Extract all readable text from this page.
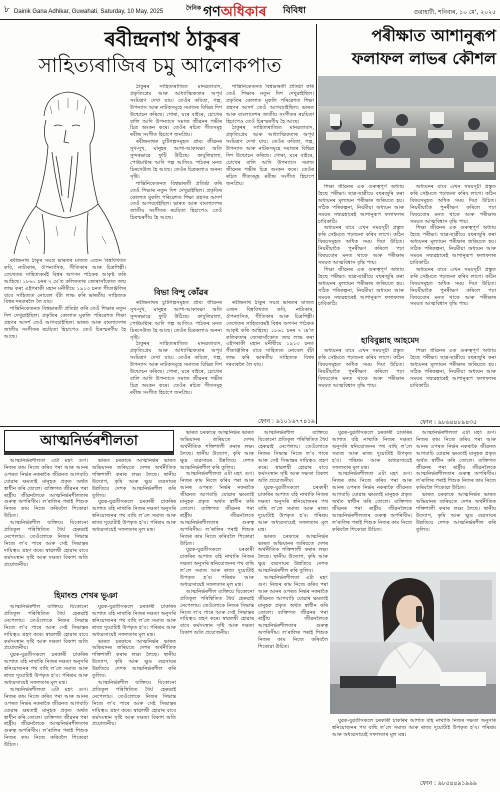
৮ Dainik Gana Adhikar, Guwahati, Saturday, 10 May, 2025	$^{দৈনিক}$ গণঅধিকাৰ বিবিধা	গুৱাহাটী, শনিবাৰ, ১০ মে’, ২০২৫
ৰবীন্দ্ৰনাথ ঠাকুৰৰ
সাহিত্যৰাজিৰ চমু আলোকপাত

ৰবীন্দ্ৰনাথ ঠাকুৰ সমগ্ৰ ভাৰতৰ মাজত এজন বিশ্ববিখ্যাত কবি, নাট্যকাৰ, ঔপন্যাসিক, গীতিকাৰ আৰু চিত্ৰশিল্পী। তেখেতৰ সাহিত্যকৰ্মই বিশ্বৰ অগণন পাঠকক আকৃষ্ট কৰি আহিছে। ১৮৬১ চনৰ ৭ মে’ত কলিকতাৰ জোৰাসাঁকোত জন্ম লাভ কৰা এইগৰাকী মহান মনীষীয়ে ১৯১৩ চনত গীতাঞ্জলিৰ বাবে সাহিত্যত নোবেল বঁটা লাভ কৰি ভাৰতীয় সাহিত্যক বিশ্বৰ দৰবাৰলৈ লৈ যায়।

শান্তিনিকেতনত বিশ্বভাৰতী প্ৰতিষ্ঠা কৰি তেওঁ শিক্ষাৰ নতুন দিশ দেখুৱাইছিল। প্ৰকৃতিৰ কোলাত মুকলি পৰিৱেশত শিক্ষা গ্ৰহণৰ আদৰ্শ তেওঁ আগবঢ়াইছিল। ভাৰত আৰু বাংলাদেশৰ জাতীয় সংগীতৰ ৰচয়িতা হিচাপেও তেওঁ চিৰস্মৰণীয় হৈ আছে।

ঠাকুৰৰ সাহিত্যৰাজিত মানৱতাবাদ, প্ৰকৃতিপ্ৰেম আৰু আধ্যাত্মিকতাৰ অপূৰ্ব সংমিশ্ৰণ দেখা যায়। তেওঁৰ কবিতা, গল্প, উপন্যাস আৰু নাটকসমূহে সমাজৰ বিভিন্ন দিশ উন্মোচন কৰিছে। গোৰা, ঘৰে বাইৰে, চোখেৰ বালি আদি উপন্যাসে সমাজ জীৱনৰ গভীৰ চিত্ৰ অংকন কৰে। তেওঁৰ ৰচিত গীতসমূহ ৰবীন্দ্ৰ সংগীত হিচাপে জনপ্ৰিয়।

ৰবীন্দ্ৰনাথৰ চুটিগল্পসমূহত গ্ৰাম্য জীৱনৰ সুখ-দুখ, মানুহৰ আশা-আকাংক্ষা অতি সুন্দৰভাৱে ফুটি উঠিছে। কাবুলিৱালা, পোষ্টমাষ্টাৰ আদি গল্প আজিও পাঠকৰ মনত চিৰসেউজ হৈ আছে। তেওঁৰ চিত্ৰকলাও অনন্য সৃষ্টি।

শান্তিনিকেতনত বিশ্বভাৰতী প্ৰতিষ্ঠা কৰি তেওঁ শিক্ষাৰ নতুন দিশ দেখুৱাইছিল। প্ৰকৃতিৰ কোলাত মুকলি পৰিৱেশত শিক্ষা গ্ৰহণৰ আদৰ্শ তেওঁ আগবঢ়াইছিল। ভাৰত আৰু বাংলাদেশৰ জাতীয় সংগীতৰ ৰচয়িতা হিচাপেও তেওঁ চিৰস্মৰণীয় হৈ আছে।

শান্তিনিকেতনত বিশ্বভাৰতী প্ৰতিষ্ঠা কৰি তেওঁ শিক্ষাৰ নতুন দিশ দেখুৱাইছিল। প্ৰকৃতিৰ কোলাত মুকলি পৰিৱেশত শিক্ষা গ্ৰহণৰ আদৰ্শ তেওঁ আগবঢ়াইছিল। ভাৰত আৰু বাংলাদেশৰ জাতীয় সংগীতৰ ৰচয়িতা হিচাপেও তেওঁ চিৰস্মৰণীয় হৈ আছে।

ঠাকুৰৰ সাহিত্যৰাজিত মানৱতাবাদ, প্ৰকৃতিপ্ৰেম আৰু আধ্যাত্মিকতাৰ অপূৰ্ব সংমিশ্ৰণ দেখা যায়। তেওঁৰ কবিতা, গল্প, উপন্যাস আৰু নাটকসমূহে সমাজৰ বিভিন্ন দিশ উন্মোচন কৰিছে। গোৰা, ঘৰে বাইৰে, চোখেৰ বালি আদি উপন্যাসে সমাজ জীৱনৰ গভীৰ চিত্ৰ অংকন কৰে। তেওঁৰ ৰচিত গীতসমূহ ৰবীন্দ্ৰ সংগীত হিচাপে জনপ্ৰিয়।

বিভা বিন্দু কোঁৱৰ

ৰবীন্দ্ৰনাথৰ চুটিগল্পসমূহত গ্ৰাম্য জীৱনৰ সুখ-দুখ, মানুহৰ আশা-আকাংক্ষা অতি সুন্দৰভাৱে ফুটি উঠিছে। কাবুলিৱালা, পোষ্টমাষ্টাৰ আদি গল্প আজিও পাঠকৰ মনত চিৰসেউজ হৈ আছে। তেওঁৰ চিত্ৰকলাও অনন্য সৃষ্টি।

ঠাকুৰৰ সাহিত্যৰাজিত মানৱতাবাদ, প্ৰকৃতিপ্ৰেম আৰু আধ্যাত্মিকতাৰ অপূৰ্ব সংমিশ্ৰণ দেখা যায়। তেওঁৰ কবিতা, গল্প, উপন্যাস আৰু নাটকসমূহে সমাজৰ বিভিন্ন দিশ উন্মোচন কৰিছে। গোৰা, ঘৰে বাইৰে, চোখেৰ বালি আদি উপন্যাসে সমাজ জীৱনৰ গভীৰ চিত্ৰ অংকন কৰে। তেওঁৰ ৰচিত গীতসমূহ ৰবীন্দ্ৰ সংগীত হিচাপে জনপ্ৰিয়।

ৰবীন্দ্ৰনাথ ঠাকুৰ সমগ্ৰ ভাৰতৰ মাজত এজন বিশ্ববিখ্যাত কবি, নাট্যকাৰ, ঔপন্যাসিক, গীতিকাৰ আৰু চিত্ৰশিল্পী। তেখেতৰ সাহিত্যকৰ্মই বিশ্বৰ অগণন পাঠকক আকৃষ্ট কৰি আহিছে। ১৮৬১ চনৰ ৭ মে’ত কলিকতাৰ জোৰাসাঁকোত জন্ম লাভ কৰা এইগৰাকী মহান মনীষীয়ে ১৯১৩ চনত গীতাঞ্জলিৰ বাবে সাহিত্যত নোবেল বঁটা লাভ কৰি ভাৰতীয় সাহিত্যক বিশ্বৰ দৰবাৰলৈ লৈ যায়।

ফোন : ৯১০১৬৭৭৪১৯
পৰীক্ষাত আশানুৰূপ
ফলাফল লাভৰ কৌশল

শিক্ষা জীৱনৰ এক গুৰুত্বপূৰ্ণ অধ্যায় হৈছে পৰীক্ষা। ছাত্ৰ-ছাত্ৰীয়ে বছৰজুৰি কৰা অধ্যয়নৰ মূল্যায়ন পৰীক্ষাৰ জৰিয়তে হয়। সঠিক পৰিকল্পনা, নিয়মীয়া অধ্যয়ন আৰু সময়ৰ সদ্ব্যৱহাৰেই আশানুৰূপ ফলাফলৰ চাবিকাঠি।

অধ্যয়নৰ বাবে এখন সময়সূচী প্ৰস্তুত কৰি সেইমতে পঢ়াশুনা কৰিব লাগে। কঠিন বিষয়সমূহত অধিক সময় দিয়া উচিত। নিয়মীয়াকৈ পুনৰীক্ষণ কৰিলে পঢ়া বিষয়বোৰ মনত থাকে আৰু পৰীক্ষাৰ সময়ত আত্মবিশ্বাস বৃদ্ধি পায়।

শিক্ষা জীৱনৰ এক গুৰুত্বপূৰ্ণ অধ্যায় হৈছে পৰীক্ষা। ছাত্ৰ-ছাত্ৰীয়ে বছৰজুৰি কৰা অধ্যয়নৰ মূল্যায়ন পৰীক্ষাৰ জৰিয়তে হয়। সঠিক পৰিকল্পনা, নিয়মীয়া অধ্যয়ন আৰু সময়ৰ সদ্ব্যৱহাৰেই আশানুৰূপ ফলাফলৰ চাবিকাঠি।

অধ্যয়নৰ বাবে এখন সময়সূচী প্ৰস্তুত কৰি সেইমতে পঢ়াশুনা কৰিব লাগে। কঠিন বিষয়সমূহত অধিক সময় দিয়া উচিত। নিয়মীয়াকৈ পুনৰীক্ষণ কৰিলে পঢ়া বিষয়বোৰ মনত থাকে আৰু পৰীক্ষাৰ সময়ত আত্মবিশ্বাস বৃদ্ধি পায়।

শিক্ষা জীৱনৰ এক গুৰুত্বপূৰ্ণ অধ্যায় হৈছে পৰীক্ষা। ছাত্ৰ-ছাত্ৰীয়ে বছৰজুৰি কৰা অধ্যয়নৰ মূল্যায়ন পৰীক্ষাৰ জৰিয়তে হয়। সঠিক পৰিকল্পনা, নিয়মীয়া অধ্যয়ন আৰু সময়ৰ সদ্ব্যৱহাৰেই আশানুৰূপ ফলাফলৰ চাবিকাঠি।

অধ্যয়নৰ বাবে এখন সময়সূচী প্ৰস্তুত কৰি সেইমতে পঢ়াশুনা কৰিব লাগে। কঠিন বিষয়সমূহত অধিক সময় দিয়া উচিত। নিয়মীয়াকৈ পুনৰীক্ষণ কৰিলে পঢ়া বিষয়বোৰ মনত থাকে আৰু পৰীক্ষাৰ সময়ত আত্মবিশ্বাস বৃদ্ধি পায়।

হাবিবুল্লাহ আহমেদ

অধ্যয়নৰ বাবে এখন সময়সূচী প্ৰস্তুত কৰি সেইমতে পঢ়াশুনা কৰিব লাগে। কঠিন বিষয়সমূহত অধিক সময় দিয়া উচিত। নিয়মীয়াকৈ পুনৰীক্ষণ কৰিলে পঢ়া বিষয়বোৰ মনত থাকে আৰু পৰীক্ষাৰ সময়ত আত্মবিশ্বাস বৃদ্ধি পায়।

শিক্ষা জীৱনৰ এক গুৰুত্বপূৰ্ণ অধ্যায় হৈছে পৰীক্ষা। ছাত্ৰ-ছাত্ৰীয়ে বছৰজুৰি কৰা অধ্যয়নৰ মূল্যায়ন পৰীক্ষাৰ জৰিয়তে হয়। সঠিক পৰিকল্পনা, নিয়মীয়া অধ্যয়ন আৰু সময়ৰ সদ্ব্যৱহাৰেই আশানুৰূপ ফলাফলৰ চাবিকাঠি।

ফোন : ৯৮৬৪৪৮৯৪৩৫
আত্মনিৰ্ভৰশীলতা

আত্মনিৰ্ভৰশীলতা এটা মহৎ গুণ। নিজৰ কাম নিজে কৰিব পৰা আৰু আনৰ ওপৰত নিৰ্ভৰ নকৰাকৈ জীৱনত আগবাঢ়ি যোৱাৰ ক্ষমতাই মানুহক প্ৰকৃত অৰ্থত স্বাধীন কৰি তোলে। ব্যক্তিগত জীৱনৰ পৰা ৰাষ্ট্ৰীয় জীৱনলৈকে আত্মনিৰ্ভৰশীলতাৰ গুৰুত্ব অপৰিসীম। ল’ৰালিৰ পৰাই শিশুক নিজৰ কাম নিজে কৰিবলৈ শিকোৱা উচিত।

আত্মনিৰ্ভৰশীল ব্যক্তিয়ে যিকোনো প্ৰতিকূল পৰিস্থিতিত ধৈৰ্য হেৰুৱাই নেপেলায়। তেওঁলোকে নিজৰ সিদ্ধান্ত নিজে ল’ব পাৰে আৰু সেই সিদ্ধান্তৰ দায়িত্বও গ্ৰহণ কৰে। স্বাৱলম্বী হোৱাৰ বাবে কৰ্মসংস্থান সৃষ্টি আৰু দক্ষতা বিকাশ অতি প্ৰয়োজনীয়।

ভাৰত চৰকাৰে আত্মনিৰ্ভৰ ভাৰত অভিযানৰ জৰিয়তে দেশৰ অৰ্থনীতিক শক্তিশালী কৰাৰ লক্ষ্য লৈছে। স্থানীয় উদ্যোগ, কৃষি আৰু ক্ষুদ্ৰ ব্যৱসায়ৰ উন্নতিয়ে দেশক আত্মনিৰ্ভৰশীল কৰি তুলিব।

যুৱক-যুৱতীসকলে চৰকাৰী চাকৰিৰ আশাত বহি নাথাকি নিজৰ দক্ষতা অনুসৰি স্বনিয়োজনৰ পথ বাছি ল’লে সমাজ আৰু ৰাজ্য দুয়োটাই উপকৃত হ’ব। পৰিশ্ৰম আৰু অধ্যৱসায়েই সফলতাৰ মূল মন্ত্ৰ।

হিমাংশু শেখৰ ভূঞা

আত্মনিৰ্ভৰশীল ব্যক্তিয়ে যিকোনো প্ৰতিকূল পৰিস্থিতিত ধৈৰ্য হেৰুৱাই নেপেলায়। তেওঁলোকে নিজৰ সিদ্ধান্ত নিজে ল’ব পাৰে আৰু সেই সিদ্ধান্তৰ দায়িত্বও গ্ৰহণ কৰে। স্বাৱলম্বী হোৱাৰ বাবে কৰ্মসংস্থান সৃষ্টি আৰু দক্ষতা বিকাশ অতি প্ৰয়োজনীয়।

যুৱক-যুৱতীসকলে চৰকাৰী চাকৰিৰ আশাত বহি নাথাকি নিজৰ দক্ষতা অনুসৰি স্বনিয়োজনৰ পথ বাছি ল’লে সমাজ আৰু ৰাজ্য দুয়োটাই উপকৃত হ’ব। পৰিশ্ৰম আৰু অধ্যৱসায়েই সফলতাৰ মূল মন্ত্ৰ।

আত্মনিৰ্ভৰশীলতা এটা মহৎ গুণ। নিজৰ কাম নিজে কৰিব পৰা আৰু আনৰ ওপৰত নিৰ্ভৰ নকৰাকৈ জীৱনত আগবাঢ়ি যোৱাৰ ক্ষমতাই মানুহক প্ৰকৃত অৰ্থত স্বাধীন কৰি তোলে। ব্যক্তিগত জীৱনৰ পৰা ৰাষ্ট্ৰীয় জীৱনলৈকে আত্মনিৰ্ভৰশীলতাৰ গুৰুত্ব অপৰিসীম। ল’ৰালিৰ পৰাই শিশুক নিজৰ কাম নিজে কৰিবলৈ শিকোৱা উচিত।

যুৱক-যুৱতীসকলে চৰকাৰী চাকৰিৰ আশাত বহি নাথাকি নিজৰ দক্ষতা অনুসৰি স্বনিয়োজনৰ পথ বাছি ল’লে সমাজ আৰু ৰাজ্য দুয়োটাই উপকৃত হ’ব। পৰিশ্ৰম আৰু অধ্যৱসায়েই সফলতাৰ মূল মন্ত্ৰ।

ভাৰত চৰকাৰে আত্মনিৰ্ভৰ ভাৰত অভিযানৰ জৰিয়তে দেশৰ অৰ্থনীতিক শক্তিশালী কৰাৰ লক্ষ্য লৈছে। স্থানীয় উদ্যোগ, কৃষি আৰু ক্ষুদ্ৰ ব্যৱসায়ৰ উন্নতিয়ে দেশক আত্মনিৰ্ভৰশীল কৰি তুলিব।

আত্মনিৰ্ভৰশীল ব্যক্তিয়ে যিকোনো প্ৰতিকূল পৰিস্থিতিত ধৈৰ্য হেৰুৱাই নেপেলায়। তেওঁলোকে নিজৰ সিদ্ধান্ত নিজে ল’ব পাৰে আৰু সেই সিদ্ধান্তৰ দায়িত্বও গ্ৰহণ কৰে। স্বাৱলম্বী হোৱাৰ বাবে কৰ্মসংস্থান সৃষ্টি আৰু দক্ষতা বিকাশ অতি প্ৰয়োজনীয়।

ভাৰত চৰকাৰে আত্মনিৰ্ভৰ ভাৰত অভিযানৰ জৰিয়তে দেশৰ অৰ্থনীতিক শক্তিশালী কৰাৰ লক্ষ্য লৈছে। স্থানীয় উদ্যোগ, কৃষি আৰু ক্ষুদ্ৰ ব্যৱসায়ৰ উন্নতিয়ে দেশক আত্মনিৰ্ভৰশীল কৰি তুলিব।

আত্মনিৰ্ভৰশীলতা এটা মহৎ গুণ। নিজৰ কাম নিজে কৰিব পৰা আৰু আনৰ ওপৰত নিৰ্ভৰ নকৰাকৈ জীৱনত আগবাঢ়ি যোৱাৰ ক্ষমতাই মানুহক প্ৰকৃত অৰ্থত স্বাধীন কৰি তোলে। ব্যক্তিগত জীৱনৰ পৰা ৰাষ্ট্ৰীয় জীৱনলৈকে আত্মনিৰ্ভৰশীলতাৰ গুৰুত্ব অপৰিসীম। ল’ৰালিৰ পৰাই শিশুক নিজৰ কাম নিজে কৰিবলৈ শিকোৱা উচিত।

যুৱক-যুৱতীসকলে চৰকাৰী চাকৰিৰ আশাত বহি নাথাকি নিজৰ দক্ষতা অনুসৰি স্বনিয়োজনৰ পথ বাছি ল’লে সমাজ আৰু ৰাজ্য দুয়োটাই উপকৃত হ’ব। পৰিশ্ৰম আৰু অধ্যৱসায়েই সফলতাৰ মূল মন্ত্ৰ।

আত্মনিৰ্ভৰশীল ব্যক্তিয়ে যিকোনো প্ৰতিকূল পৰিস্থিতিত ধৈৰ্য হেৰুৱাই নেপেলায়। তেওঁলোকে নিজৰ সিদ্ধান্ত নিজে ল’ব পাৰে আৰু সেই সিদ্ধান্তৰ দায়িত্বও গ্ৰহণ কৰে। স্বাৱলম্বী হোৱাৰ বাবে কৰ্মসংস্থান সৃষ্টি আৰু দক্ষতা বিকাশ অতি প্ৰয়োজনীয়।

আত্মনিৰ্ভৰশীল ব্যক্তিয়ে যিকোনো প্ৰতিকূল পৰিস্থিতিত ধৈৰ্য হেৰুৱাই নেপেলায়। তেওঁলোকে নিজৰ সিদ্ধান্ত নিজে ল’ব পাৰে আৰু সেই সিদ্ধান্তৰ দায়িত্বও গ্ৰহণ কৰে। স্বাৱলম্বী হোৱাৰ বাবে কৰ্মসংস্থান সৃষ্টি আৰু দক্ষতা বিকাশ অতি প্ৰয়োজনীয়।

যুৱক-যুৱতীসকলে চৰকাৰী চাকৰিৰ আশাত বহি নাথাকি নিজৰ দক্ষতা অনুসৰি স্বনিয়োজনৰ পথ বাছি ল’লে সমাজ আৰু ৰাজ্য দুয়োটাই উপকৃত হ’ব। পৰিশ্ৰম আৰু অধ্যৱসায়েই সফলতাৰ মূল মন্ত্ৰ।

ভাৰত চৰকাৰে আত্মনিৰ্ভৰ ভাৰত অভিযানৰ জৰিয়তে দেশৰ অৰ্থনীতিক শক্তিশালী কৰাৰ লক্ষ্য লৈছে। স্থানীয় উদ্যোগ, কৃষি আৰু ক্ষুদ্ৰ ব্যৱসায়ৰ উন্নতিয়ে দেশক আত্মনিৰ্ভৰশীল কৰি তুলিব।

আত্মনিৰ্ভৰশীলতা এটা মহৎ গুণ। নিজৰ কাম নিজে কৰিব পৰা আৰু আনৰ ওপৰত নিৰ্ভৰ নকৰাকৈ জীৱনত আগবাঢ়ি যোৱাৰ ক্ষমতাই মানুহক প্ৰকৃত অৰ্থত স্বাধীন কৰি তোলে। ব্যক্তিগত জীৱনৰ পৰা ৰাষ্ট্ৰীয় জীৱনলৈকে আত্মনিৰ্ভৰশীলতাৰ গুৰুত্ব অপৰিসীম। ল’ৰালিৰ পৰাই শিশুক নিজৰ কাম নিজে কৰিবলৈ শিকোৱা উচিত।

যুৱক-যুৱতীসকলে চৰকাৰী চাকৰিৰ আশাত বহি নাথাকি নিজৰ দক্ষতা অনুসৰি স্বনিয়োজনৰ পথ বাছি ল’লে সমাজ আৰু ৰাজ্য দুয়োটাই উপকৃত হ’ব। পৰিশ্ৰম আৰু অধ্যৱসায়েই সফলতাৰ মূল মন্ত্ৰ।

আত্মনিৰ্ভৰশীলতা এটা মহৎ গুণ। নিজৰ কাম নিজে কৰিব পৰা আৰু আনৰ ওপৰত নিৰ্ভৰ নকৰাকৈ জীৱনত আগবাঢ়ি যোৱাৰ ক্ষমতাই মানুহক প্ৰকৃত অৰ্থত স্বাধীন কৰি তোলে। ব্যক্তিগত জীৱনৰ পৰা ৰাষ্ট্ৰীয় জীৱনলৈকে আত্মনিৰ্ভৰশীলতাৰ গুৰুত্ব অপৰিসীম। ল’ৰালিৰ পৰাই শিশুক নিজৰ কাম নিজে কৰিবলৈ শিকোৱা উচিত।

আত্মনিৰ্ভৰশীলতা এটা মহৎ গুণ। নিজৰ কাম নিজে কৰিব পৰা আৰু আনৰ ওপৰত নিৰ্ভৰ নকৰাকৈ জীৱনত আগবাঢ়ি যোৱাৰ ক্ষমতাই মানুহক প্ৰকৃত অৰ্থত স্বাধীন কৰি তোলে। ব্যক্তিগত জীৱনৰ পৰা ৰাষ্ট্ৰীয় জীৱনলৈকে আত্মনিৰ্ভৰশীলতাৰ গুৰুত্ব অপৰিসীম। ল’ৰালিৰ পৰাই শিশুক নিজৰ কাম নিজে কৰিবলৈ শিকোৱা উচিত।

ভাৰত চৰকাৰে আত্মনিৰ্ভৰ ভাৰত অভিযানৰ জৰিয়তে দেশৰ অৰ্থনীতিক শক্তিশালী কৰাৰ লক্ষ্য লৈছে। স্থানীয় উদ্যোগ, কৃষি আৰু ক্ষুদ্ৰ ব্যৱসায়ৰ উন্নতিয়ে দেশক আত্মনিৰ্ভৰশীল কৰি তুলিব।

যুৱক-যুৱতীসকলে চৰকাৰী চাকৰিৰ আশাত বহি নাথাকি নিজৰ দক্ষতা অনুসৰি স্বনিয়োজনৰ পথ বাছি ল’লে সমাজ আৰু ৰাজ্য দুয়োটাই উপকৃত হ’ব। পৰিশ্ৰম আৰু অধ্যৱসায়েই সফলতাৰ মূল মন্ত্ৰ।

ফোন : ৯৮৫৪৪৯১৯৯৯
